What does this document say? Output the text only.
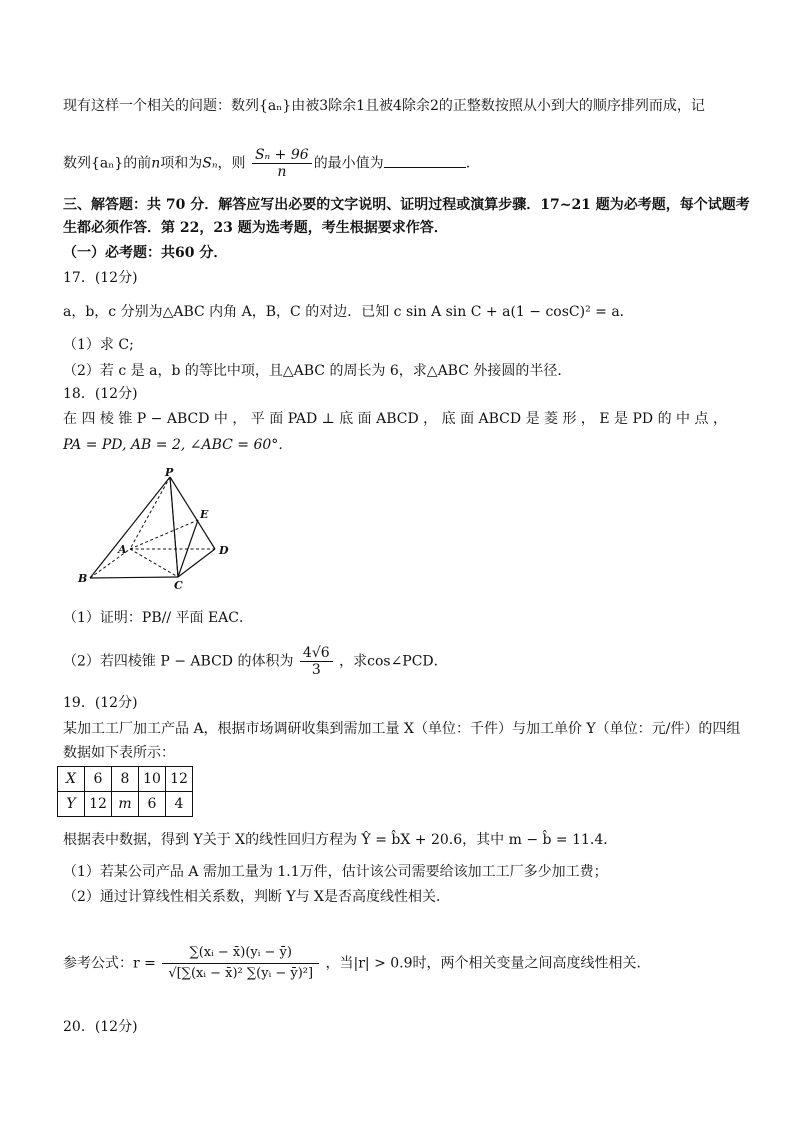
现有这样一个相关的问题：数列{aₙ}由被3除余1且被4除余2的正整数按照从小到大的顺序排列而成，记
数列{aₙ}的前n项和为Sₙ，则 $\frac{\text{Sₙ + 96}}{n}$ 的最小值为	.
三、解答题：共 70 分．解答应写出必要的文字说明、证明过程或演算步骤．17~21 题为必考题，每个试题考
生都必须作答．第 22，23 题为选考题，考生根据要求作答．
（一）必考题：共60 分．
17．(12分)
a，b，c 分别为△ABC 内角 A，B，C 的对边．已知 c sin A sin C + a(1 − cosC)² = a．
（1）求 C;
（2）若 c 是 a，b 的等比中项，且△ABC 的周长为 6，求△ABC 外接圆的半径．
18．(12分)
在 四 棱 锥 P − ABCD 中 ， 平 面 PAD ⊥ 底 面 ABCD ， 底 面 ABCD 是 菱 形 ， E 是 PD 的 中 点 ，
PA = PD, AB = 2, ∠ABC = 60°．
P
E
A	D
B
C
（1）证明：PB// 平面 EAC．
（2）若四棱锥 P − ABCD 的体积为 $\frac{4√6}{3}$ ，求cos∠PCD．
19．(12分)
某加工工厂加工产品 A，根据市场调研收集到需加工量 X（单位：千件）与加工单价 Y（单位：元/件）的四组
数据如下表所示：
X	6	8	10	12
Y	12	m	6	4
根据表中数据，得到 Y关于 X的线性回归方程为 Ŷ = b̂X + 20.6，其中 m − b̂ = 11.4．
（1）若某公司产品 A 需加工量为 1.1万件，估计该公司需要给该加工工厂多少加工费；
（2）通过计算线性相关系数，判断 Y与 X是否高度线性相关．
参考公式：$r = \frac{\text{∑(xᵢ − x̄)(yᵢ − ȳ)}}{\text{√[∑(xᵢ − x̄)² ∑(yᵢ − ȳ)²]}}$ ，当|r| > 0.9时，两个相关变量之间高度线性相关．
20．(12分)
